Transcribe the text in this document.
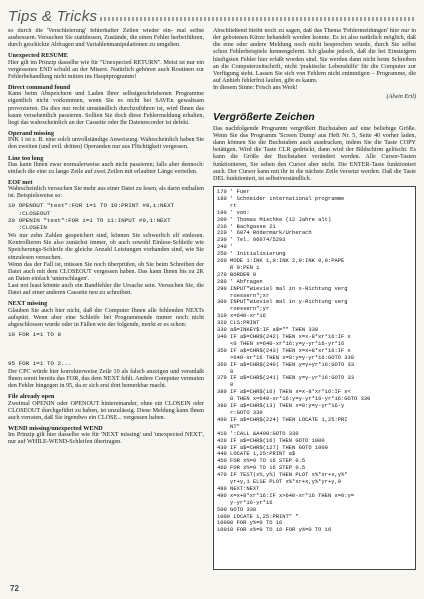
Tips & Tricks

so durch die 'Verschleierung' fehlerhafter Zeilen wieder ein- mal selbst ausbessern. Versuchen Sie stattdessen, Zustände, die einen Fehler herbeiführen, durch geschickte Abfragen und Variablenmanipulationen zu umgehen.

Unexpected RESUME

Hier gilt im Prinzip dasselbe wie für "Unexpected RETURN". Meist ist nur ein vergessenes END schuld an der Misere. Natürlich gehören auch Routinen zur Fehlerbehandlung nicht mitten ins Hauptprogramm!

Direct command found

Kann beim Abspeichern und Laden Ihrer selbstgeschriebenen Programme eigentlich nicht vorkommen, wenn Sie es nicht bei SAVEn gewaltsam provozieren. Da dies nur recht umständlich durchzuführen ist, wird Ihnen das kaum versehentlich passieren. Sollten Sie doch diese Fehlermeldung erhalten, liegt das wahrscheinlich an der Cassette oder Ihr Datenrecorder ist defekt.

Operand missing

INK 1 ist z. B. eine solch unvollständige Anweisung. Wahrscheinlich haben Sie den zweiten (und evtl. dritten) Operanden nur aus Flüchtigkeit vergessen.

Line too long

Das kann Ihnen zwar normalerweise auch nicht passieren; falls aber dennoch: einfach die eine zu lange Zeile auf zwei Zeilen mit erlaubter Länge verteilen.

EOF met

Wahrscheinlich versuchen Sie mehr aus einer Datei zu lesen, als darin enthalten ist. Beispielsweise so:

10 OPENOUT "test":FOR i=1 TO 10:PRINT #9,i:NEXT
:CLOSEOUT
20 OPENIN "test":FOR i=1 TO 11:INPUT #9,i:NEXT
:CLOSEIN

Wo nur zehn Zahlen gespeichert sind, können Sie schwerlich elf einlesen. Kontrollieren Sie also zunächst immer, ob auch sowohl Einlese-Schleife wie Speicherungs-Schleife die gleiche Anzahl Leistungen vorhanden sind, wie Sie einzulesen versuchen.

Wenn das der Fall ist, müssen Sie noch überprüfen, ob Sie beim Schreiben der Datei auch mit dem CLOSEOUT vergessen haben. Das kann Ihnen bis zu 2K an Daten einfach 'unterschlagen'.

Last not least könnte auch ein Bandfehler die Ursache sein. Versuchen Sie, die Datei auf einer anderen Cassette neu zu schreiben.

NEXT missing

Glauben Sie auch hier nicht, daß der Computer Ihnen alle fehlenden NEXTs aufspürt. Wenn aber eine Schleife bei Programmende immer noch nicht abgeschlossen wurde oder in Fällen wie der folgende, merkt er es schon:

10 FOR i=1 TO 8

95 FOR i=1 TO 2...

Der CPC würde hier korrekterweise Zeile 10 als falsch anzeigen und veranlaßt Ihnen somit bereits das FOR, das dem NEXT fehlt. Andere Computer vermuten den Fehler hingegen in 95, da er sich erst dort bemerkbar macht.

File already open

Zweimal OPENIN oder OPENOUT hintereinander, ohne ein CLOSEIN oder CLOSEOUT durchgeführt zu haben, ist unzulässig. Diese Meldung kann Ihnen auch verraten, daß Sie irgendwo ein CLOSE... vergessen haben.

WEND missing/unexpected WEND

Im Prinzip gilt hier dasselbe wie für 'NEXT missing' und 'unexpected NEXT', nur auf WHILE-WEND-Schleifen übertragen.

Abschließend bleibt noch zu sagen, daß das Thema 'Fehlermeldungen' hier nur in der gebotenen Kürze behandelt werden konnte. Es ist also natürlich möglich, daß die eine oder andere Meldung noch nicht besprochen wurde, durch Sie selbst schon Fehlerbeispiele kennengelernt. Ich glaube jedoch, daß die bei Einsteigern häufigsten Fehler hier erfaßt worden sind. Sie werden dann nicht beim Schreiben an die Computerzeitschrift, nicht 'praktische Lebenshilfe' für die Computer zur Verfügung steht. Lassen Sie sich von Fehlern nicht entmutigen – Programme, die auf Anhieb fehlerfrei laufen, gibt es kaum.

In diesem Sinne: Frisch ans Werk!

(Alwin Ertl)

Vergrößerte Zeichen

Das nachfolgende Programm vergrößert Buchstaben auf eine beliebige Größe. Wenn Sie das Programm 'Screen Dump' aus Heft Nr. 5, Seite 40 vorher laden, dann können Sie die Buchstaben auch ausdrucken, indem Sie die Taste COPY betätigen. Wird die Taste CLR gedrückt, dann wird der Bildschirm gelöscht. Es kann die Größe der Buchstaben verändert werden. Alle Cursor-Tasten funktionieren, Sie sehen den Cursor aber nicht. Die ENTER-Taste funktioniert auch. Der Cursor kann mit ihr in die nächste Zeile versetzt werden. Daß die Taste DEL funktioniert, ist selbstverständlich.

170 ' Fuer
180 ' Schneider international programme
rt
190 ' von:
200 ' Thomas Mischke (12 Jahre alt)
210 ' Bachgasse 21
220 ' 6074 Rödermark/Urberach
230 ' Tel. 06074/5293
240 '
250 ' Initialisierung
260 MODE 1:INK 1,0:INK 2,0:INK 0,0:PAPE
R 0:PEN 1
270 BORDER 0
280 ' Abfragen
290 INPUT"Wieviel mal in x-Richtung verg
roessern";xr
300 INPUT"Wieviel mal in y-Richtung verg
roessern";yr
310 x=640-xr*16
320 CLS:PRINT
330 a$=INKEY$:IF a$="" THEN 330
340 IF a$=CHR$(242) THEN x=x-8*xr*16:IF x
<0 THEN x=640-xr*16:y=y-yr*16-yr*16
350 IF a$=CHR$(243) THEN x=x+8*xr*16:IF x
>640-xr*16 THEN x=0:y=y-yr*16:GOTO 330
360 IF a$=CHR$(240) THEN y=y+yr*16:GOTO 33
0
370 IF a$=CHR$(241) THEN y=y-yr*16:GOTO 33
0
380 IF a$=CHR$(16) THEN x=x-8*xr*16:IF x<
0 THEN x=640-xr*16:y=y-yr*16-yr*16:GOTO 330
390 IF a$=CHR$(13) THEN x=0:y=y-yr*16-y
r:GOTO 330
400 IF a$=CHR$(224) THEN LOCATE 1,25:PRI
NT"
410 ':CALL &A400:GOTO 330
420 IF a$=CHR$(16) THEN GOTO 1000
430 IF a$=CHR$(127) THEN GOTO 1000
440 LOCATE 1,25:PRINT a$
450 FOR x%=0 TO 16 STEP 0.5
460 FOR x%=0 TO 16 STEP 0.5
470 IF TEST(x%,y%) THEN PLOT x%*xr+x,y%*
yr+y,1 ELSE PLOT x%*xr+x,y%*yr+y,0
480 NEXT:NEXT
490 x=x+8*xr*16:IF x>640-xr*16 THEN x=0:y=
y-yr*16-yr*16
500 GOTO 330
1000 LOCATE 1,25:PRINT" "
10000 FOR y%=0 TO 16
10010 FOR x%=0 TO 16 FOR y%=0 TO 16
72
